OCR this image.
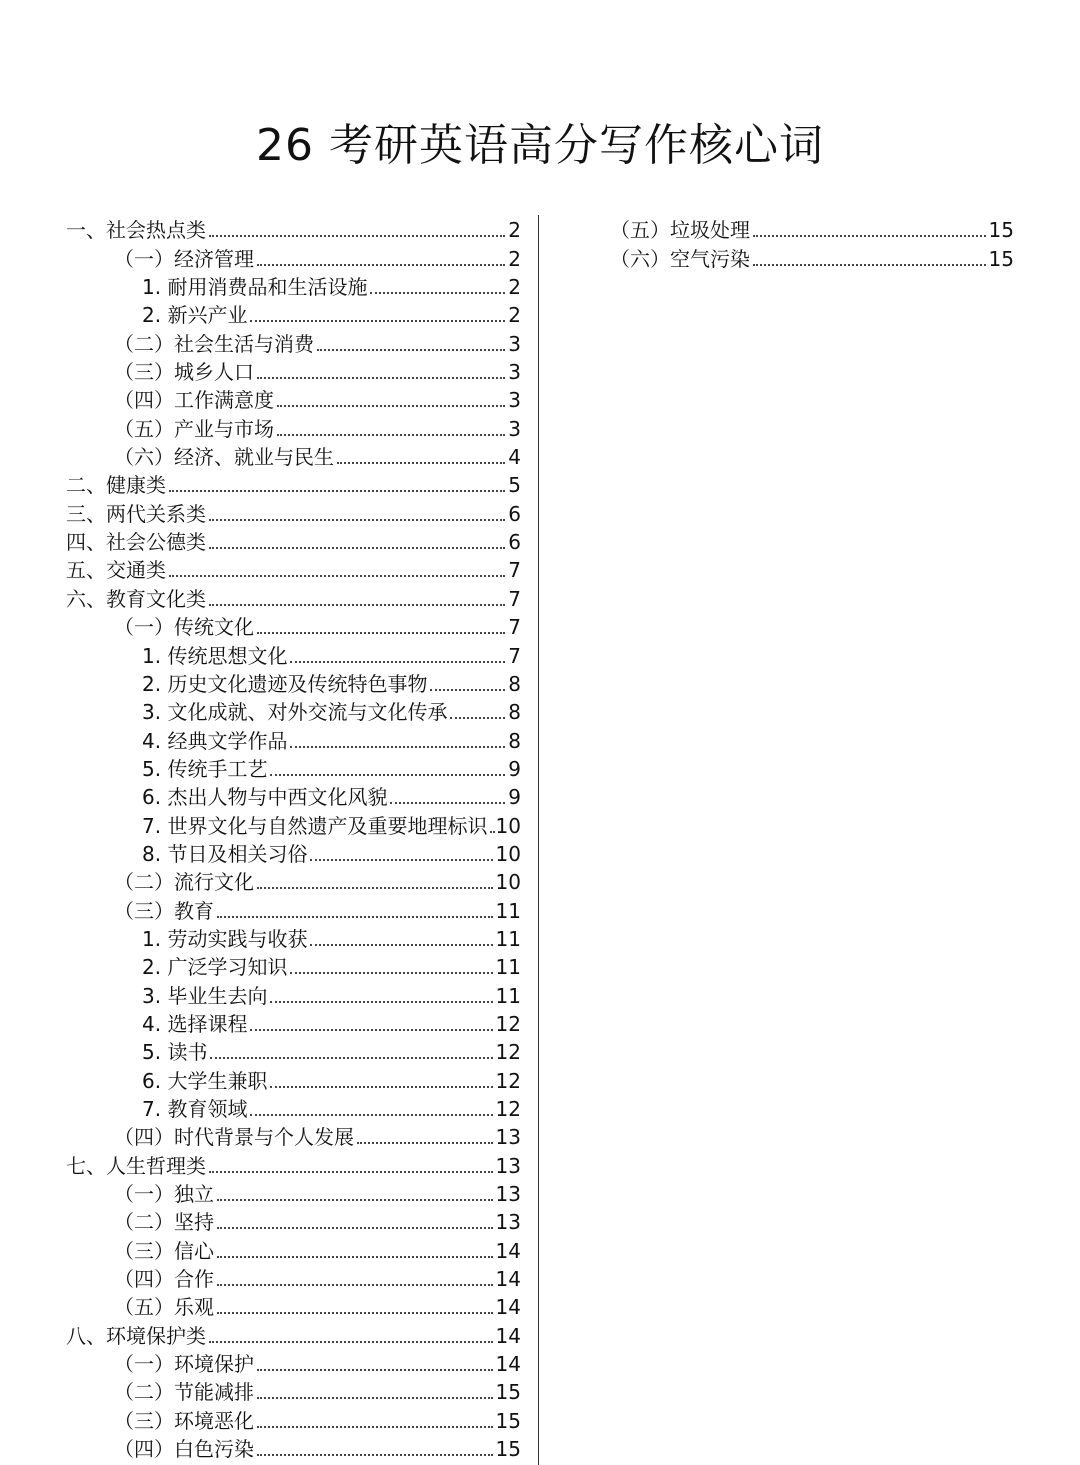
26 考研英语高分写作核心词
一、社会热点类	2
（一）经济管理	2
1. 耐用消费品和生活设施	2
2. 新兴产业	2
（二）社会生活与消费	3
（三）城乡人口	3
（四）工作满意度	3
（五）产业与市场	3
（六）经济、就业与民生	4
二、健康类	5
三、两代关系类	6
四、社会公德类	6
五、交通类	7
六、教育文化类	7
（一）传统文化	7
1. 传统思想文化	7
2. 历史文化遗迹及传统特色事物	8
3. 文化成就、对外交流与文化传承	8
4. 经典文学作品	8
5. 传统手工艺	9
6. 杰出人物与中西文化风貌	9
7. 世界文化与自然遗产及重要地理标识 10
8. 节日及相关习俗	10
（二）流行文化	10
（三）教育	11
1. 劳动实践与收获	11
2. 广泛学习知识	11
3. 毕业生去向	11
4. 选择课程	12
5. 读书	12
6. 大学生兼职	12
7. 教育领域	12
（四）时代背景与个人发展	13
七、人生哲理类	13
（一）独立	13
（二）坚持	13
（三）信心	14
（四）合作	14
（五）乐观	14
八、环境保护类	14
（一）环境保护	14
（二）节能减排	15
（三）环境恶化	15
（四）白色污染	15
（五）垃圾处理	15
（六）空气污染	15
